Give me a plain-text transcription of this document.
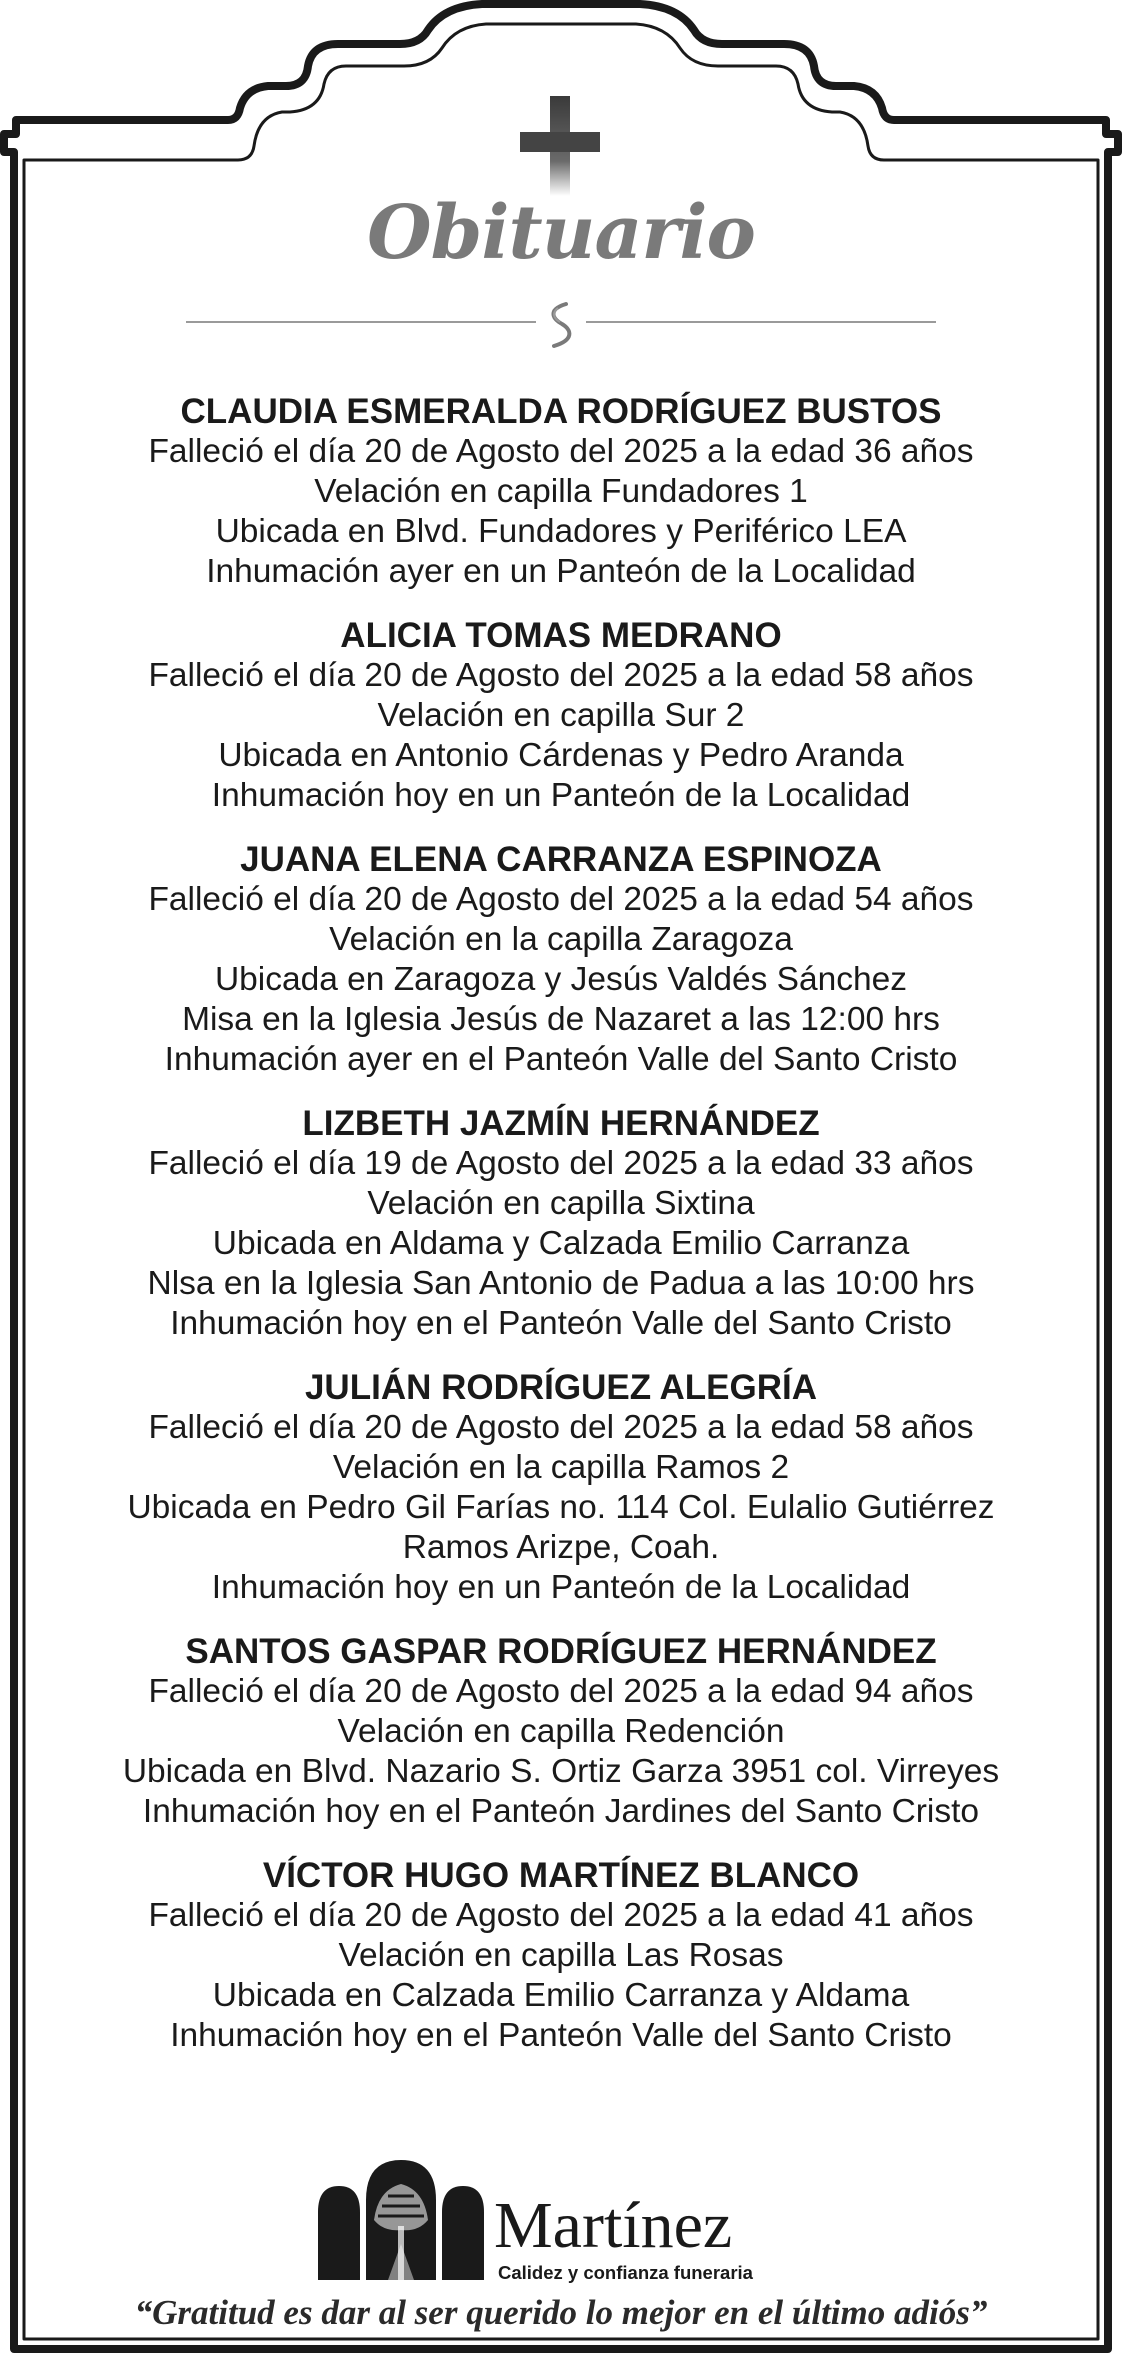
Obituario
CLAUDIA ESMERALDA RODRÍGUEZ BUSTOS
Falleció el día 20 de Agosto del 2025 a la edad 36 años
Velación en capilla Fundadores 1
Ubicada en Blvd. Fundadores y Periférico LEA
Inhumación ayer en un Panteón de la Localidad
ALICIA TOMAS MEDRANO
Falleció el día 20 de Agosto del 2025 a la edad 58 años
Velación en capilla Sur 2
Ubicada en Antonio Cárdenas y Pedro Aranda
Inhumación hoy en un Panteón de la Localidad
JUANA ELENA CARRANZA ESPINOZA
Falleció el día 20 de Agosto del 2025 a la edad 54 años
Velación en la capilla Zaragoza
Ubicada en Zaragoza y Jesús Valdés Sánchez
Misa en la Iglesia Jesús de Nazaret a las 12:00 hrs
Inhumación ayer en el Panteón Valle del Santo Cristo
LIZBETH JAZMÍN HERNÁNDEZ
Falleció el día 19 de Agosto del 2025 a la edad 33 años
Velación en capilla Sixtina
Ubicada en Aldama y Calzada Emilio Carranza
Nlsa en la Iglesia San Antonio de Padua a las 10:00 hrs
Inhumación hoy en el Panteón Valle del Santo Cristo
JULIÁN RODRÍGUEZ ALEGRÍA
Falleció el día 20 de Agosto del 2025 a la edad 58 años
Velación en la capilla Ramos 2
Ubicada en Pedro Gil Farías no. 114 Col. Eulalio Gutiérrez
Ramos Arizpe, Coah.
Inhumación hoy en un Panteón de la Localidad
SANTOS GASPAR RODRÍGUEZ HERNÁNDEZ
Falleció el día 20 de Agosto del 2025 a la edad 94 años
Velación en capilla Redención
Ubicada en Blvd. Nazario S. Ortiz Garza 3951 col. Virreyes
Inhumación hoy en el Panteón Jardines del Santo Cristo
VÍCTOR HUGO MARTÍNEZ BLANCO
Falleció el día 20 de Agosto del 2025 a la edad 41 años
Velación en capilla Las Rosas
Ubicada en Calzada Emilio Carranza y Aldama
Inhumación hoy en el Panteón Valle del Santo Cristo
Martínez
Calidez y confianza funeraria
“Gratitud es dar al ser querido lo mejor en el último adiós”
